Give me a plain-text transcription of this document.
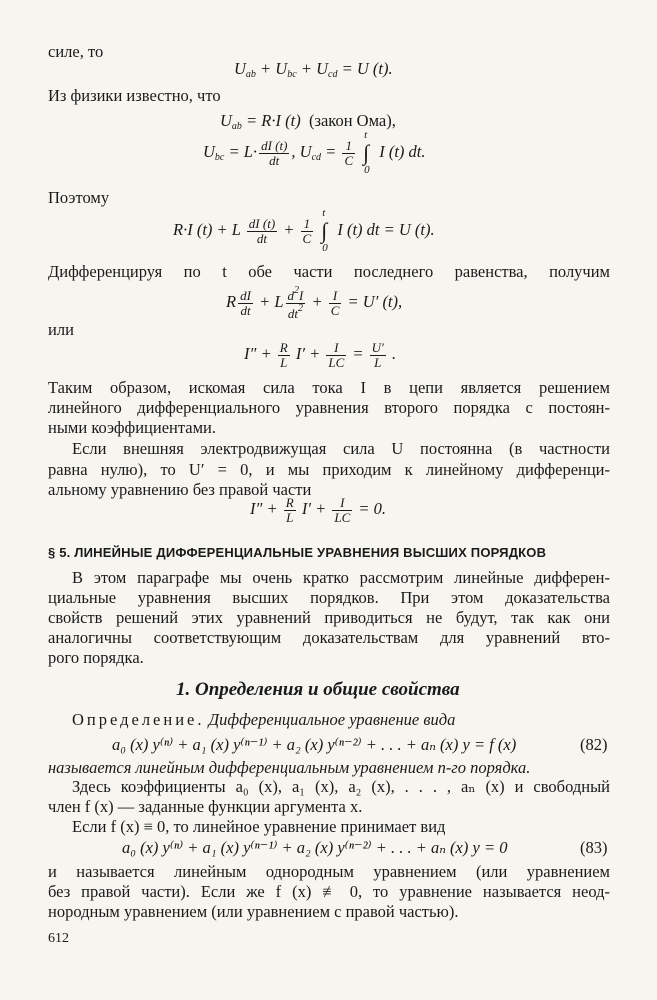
силе, то
$U_{ab} + U_{bc} + U_{cd} = U$ (t).
Из физики известно, что
$U_{ab} = R\cdot I$ (t) (закон Ома),
$U_{bc} = L\cdot \frac{dI (t)}{dt}$ , $U_{cd} = \frac{1}{C}$ ∫
t
0
I (t) dt.
Поэтому
R·I (t) + L $\frac{dI (t)}{dt} + \frac{1}{C}$ ∫
t
0
I (t) dt = U (t).
Дифференцируя по t обе части последнего равенства, получим
R $\frac{dI}{dt} + L \frac{d^2I}{dt^2} + \frac{I}{C} = U'$ (t),
или
$I'' + \frac{R}{L} I' + \frac{I}{LC} = \frac{U'}{L}$ .
Таким образом, искомая сила тока I в цепи является решением
линейного дифференциального уравнения второго порядка с постоян-
ными коэффициентами.
Если внешняя электродвижущая сила U постоянна (в частности
равна нулю), то U′ = 0, и мы приходим к линейному дифференци-
альному уравнению без правой части
$I'' + \frac{R}{L} I' + \frac{I}{LC} = 0$.
§ 5. ЛИНЕЙНЫЕ ДИФФЕРЕНЦИАЛЬНЫЕ УРАВНЕНИЯ ВЫСШИХ ПОРЯДКОВ
В этом параграфе мы очень кратко рассмотрим линейные дифферен-
циальные уравнения высших порядков. При этом доказательства
свойств решений этих уравнений приводиться не будут, так как они
аналогичны соответствующим доказательствам для уравнений вто-
рого порядка.
1. Определения и общие свойства
Определение. Дифференциальное уравнение вида
a₀ (x) y⁽ⁿ⁾ + a₁ (x) y⁽ⁿ⁻¹⁾ + a₂ (x) y⁽ⁿ⁻²⁾ + . . . + aₙ (x) y = f (x)	(82)
называется линейным дифференциальным уравнением n-го порядка.
Здесь коэффициенты a₀ (x), a₁ (x), a₂ (x), . . . , aₙ (x) и свободный
член f (x) — заданные функции аргумента x.
Если f (x) ≡ 0, то линейное уравнение принимает вид
a₀ (x) y⁽ⁿ⁾ + a₁ (x) y⁽ⁿ⁻¹⁾ + a₂ (x) y⁽ⁿ⁻²⁾ + . . . + aₙ (x) y = 0	(83)
и называется линейным однородным уравнением (или уравнением
без правой части). Если же f (x) ≢ 0, то уравнение называется неод-
нородным уравнением (или уравнением с правой частью).
612
